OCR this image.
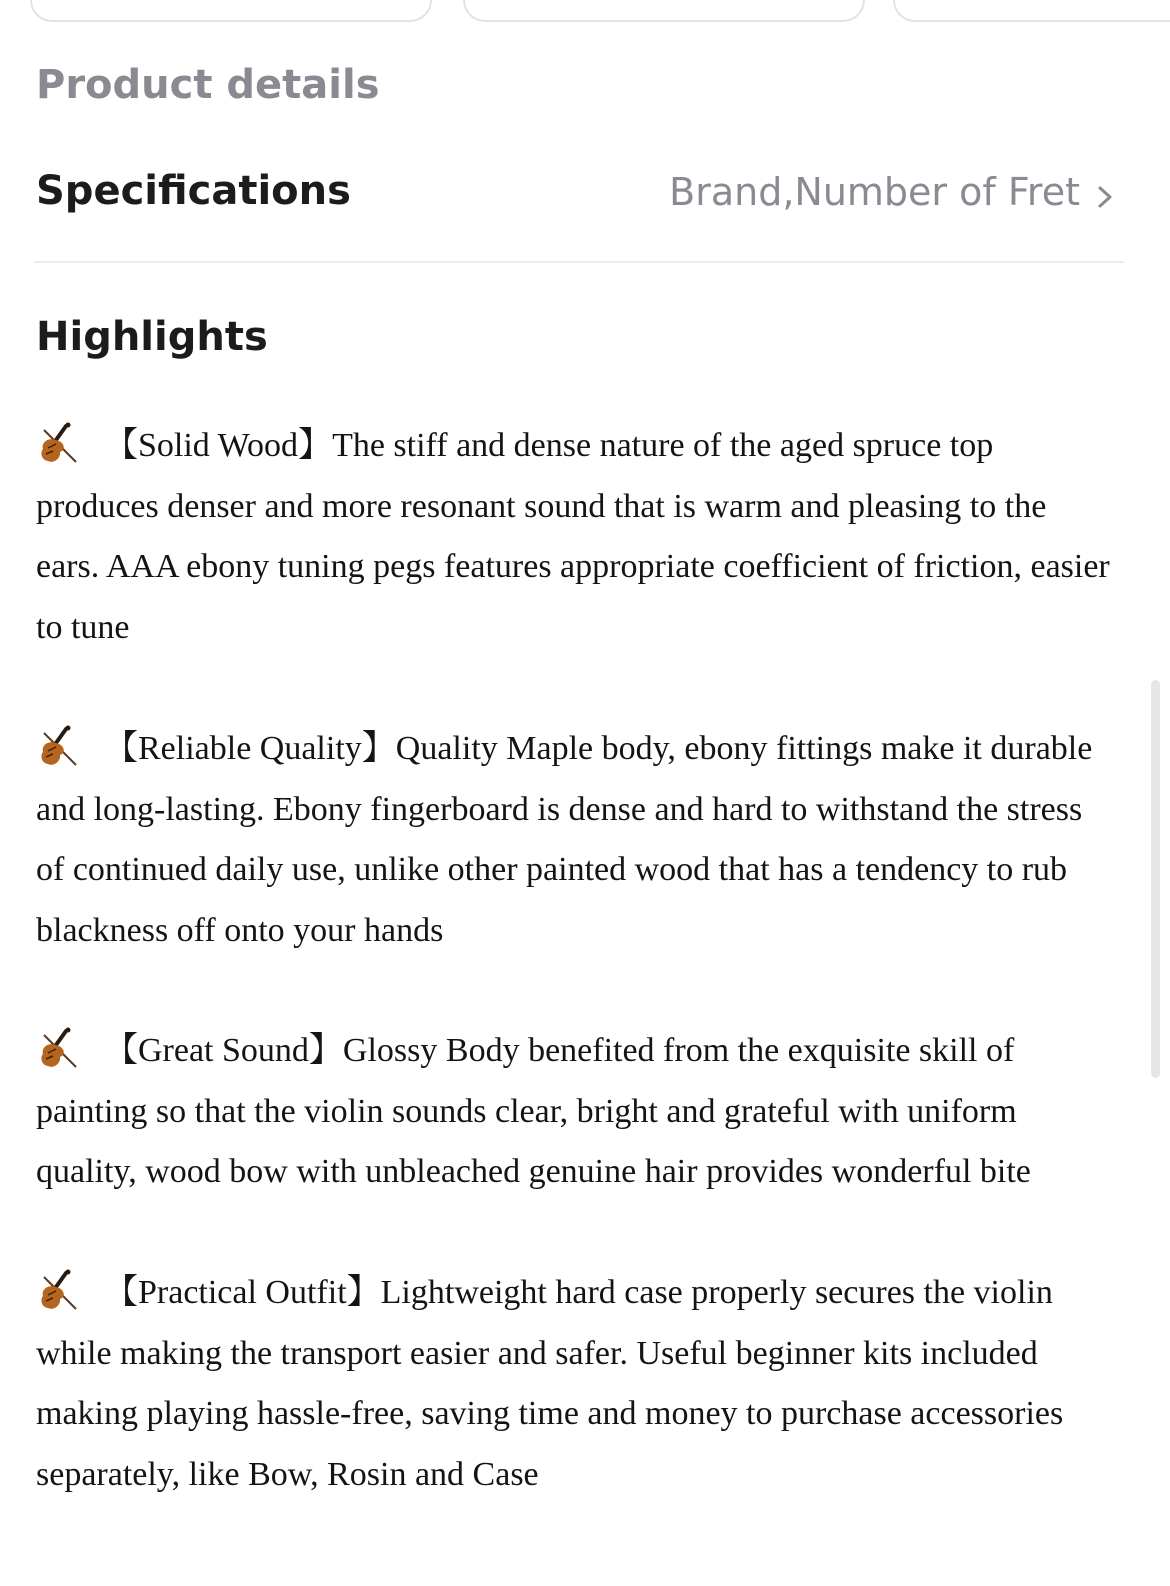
Product details
Specifications	Brand,Number of Fret
Highlights

【Solid Wood】The stiff and dense nature of the aged spruce top produces denser and more resonant sound that is warm and pleasing to the ears. AAA ebony tuning pegs features appropriate coefficient of friction, easier to tune

【Reliable Quality】Quality Maple body, ebony fittings make it durable and long-lasting. Ebony fingerboard is dense and hard to withstand the stress of continued daily use, unlike other painted wood that has a tendency to rub blackness off onto your hands

【Great Sound】Glossy Body benefited from the exquisite skill of painting so that the violin sounds clear, bright and grateful with uniform quality, wood bow with unbleached genuine hair provides wonderful bite

【Practical Outfit】Lightweight hard case properly secures the violin while making the transport easier and safer. Useful beginner kits included making playing hassle-free, saving time and money to purchase accessories separately, like Bow, Rosin and Case
